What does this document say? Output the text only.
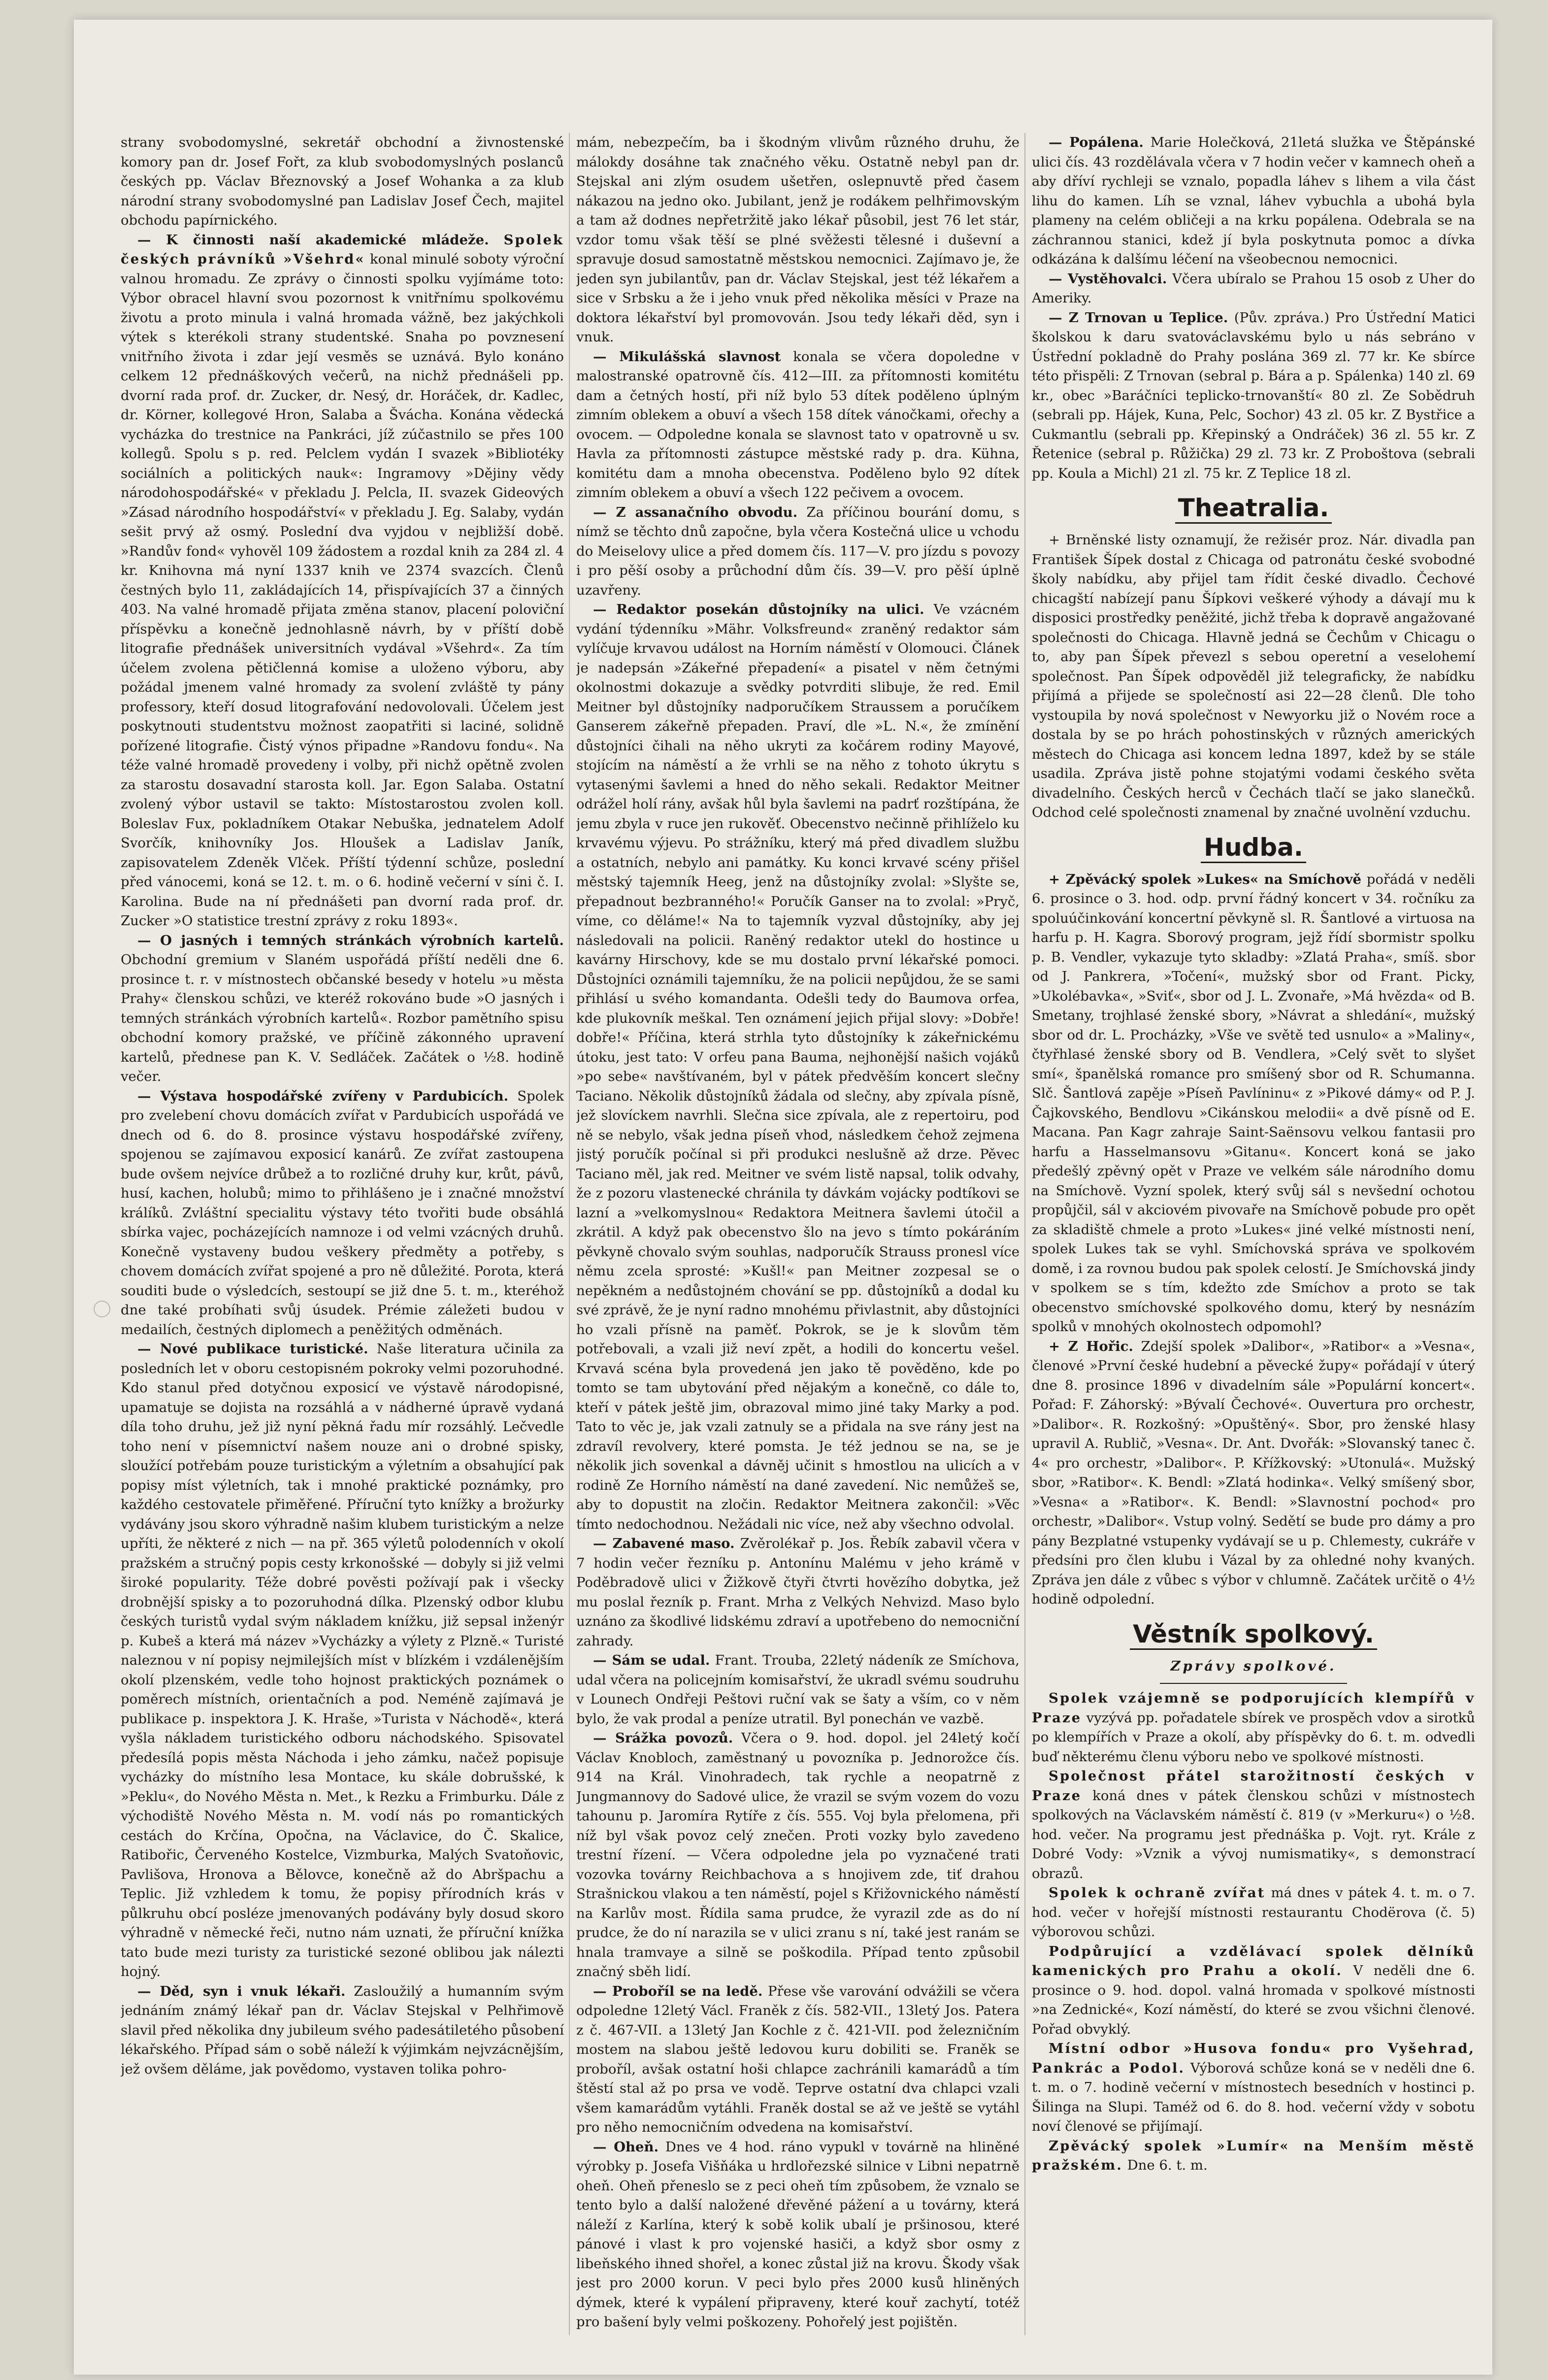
strany svobodomyslné, sekretář obchodní a živnostenské komory pan dr. Josef Fořt, za klub svobodomyslných poslanců českých pp. Václav Březnovský a Josef Wohanka a za klub národní strany svobodomyslné pan Ladislav Josef Čech, majitel obchodu papírnického.

— K činnosti naší akademické mládeže. Spolek českých právníků »Všehrd« konal minulé soboty výroční valnou hromadu. Ze zprávy o činnosti spolku vyjímáme toto: Výbor obracel hlavní svou pozornost k vnitřnímu spolkovému životu a proto minula i valná hromada vážně, bez jakýchkoli výtek s kterékoli strany studentské. Snaha po povznesení vnitřního života i zdar její vesměs se uznává. Bylo konáno celkem 12 přednáškových večerů, na nichž přednášeli pp. dvorní rada prof. dr. Zucker, dr. Nesý, dr. Horáček, dr. Kadlec, dr. Körner, kollegové Hron, Salaba a Švácha. Konána vědecká vycházka do trestnice na Pankráci, jíž zúčastnilo se přes 100 kollegů. Spolu s p. red. Pelclem vydán I svazek »Bibliotéky sociálních a politických nauk«: Ingramovy »Dějiny vědy národohospodářské« v překladu J. Pelcla, II. svazek Gideových »Zásad národního hospodářství« v překladu J. Eg. Salaby, vydán sešit prvý až osmý. Poslední dva vyjdou v nejbližší době. »Randův fond« vyhověl 109 žádostem a rozdal knih za 284 zl. 4 kr. Knihovna má nyní 1337 knih ve 2374 svazcích. Členů čestných bylo 11, zakládajících 14, přispívajících 37 a činných 403. Na valné hromadě přijata změna stanov, placení poloviční příspěvku a konečně jednohlasně návrh, by v příští době litografie přednášek universitních vydával »Všehrd«. Za tím účelem zvolena pětičlenná komise a uloženo výboru, aby požádal jmenem valné hromady za svolení zvláště ty pány professory, kteří dosud litografování nedovolovali. Účelem jest poskytnouti studentstvu možnost zaopatřiti si laciné, solidně pořízené litografie. Čistý výnos připadne »Randovu fondu«. Na téže valné hromadě provedeny i volby, při nichž opětně zvolen za starostu dosavadní starosta koll. Jar. Egon Salaba. Ostatní zvolený výbor ustavil se takto: Místostarostou zvolen koll. Boleslav Fux, pokladníkem Otakar Nebuška, jednatelem Adolf Svorčík, knihovníky Jos. Hloušek a Ladislav Janík, zapisovatelem Zdeněk Vlček. Příští týdenní schůze, poslední před vánocemi, koná se 12. t. m. o 6. hodině večerní v síni č. I. Karolina. Bude na ní přednášeti pan dvorní rada prof. dr. Zucker »O statistice trestní zprávy z roku 1893«.

— O jasných i temných stránkách výrobních kartelů. Obchodní gremium v Slaném uspořádá příští neděli dne 6. prosince t. r. v místnostech občanské besedy v hotelu »u města Prahy« členskou schůzi, ve kteréž rokováno bude »O jasných i temných stránkách výrobních kartelů«. Rozbor pamětního spisu obchodní komory pražské, ve příčině zákonného upravení kartelů, přednese pan K. V. Sedláček. Začátek o ½8. hodině večer.

— Výstava hospodářské zvířeny v Pardubicích. Spolek pro zvelebení chovu domácích zvířat v Pardubicích uspořádá ve dnech od 6. do 8. prosince výstavu hospodářské zvířeny, spojenou se zajímavou exposicí kanárů. Ze zvířat zastoupena bude ovšem nejvíce drůbež a to rozličné druhy kur, krůt, pávů, husí, kachen, holubů; mimo to přihlášeno je i značné množství králíků. Zvláštní specialitu výstavy této tvořiti bude obsáhlá sbírka vajec, pocházejících namnoze i od velmi vzácných druhů. Konečně vystaveny budou veškery předměty a potřeby, s chovem domácích zvířat spojené a pro ně důležité. Porota, která souditi bude o výsledcích, sestoupí se již dne 5. t. m., kteréhož dne také probíhati svůj úsudek. Prémie záležeti budou v medailích, čestných diplomech a peněžitých odměnách.

— Nové publikace turistické. Naše literatura učinila za posledních let v oboru cestopisném pokroky velmi pozoruhodné. Kdo stanul před dotyčnou exposicí ve výstavě národopisné, upamatuje se dojista na rozsáhlá a v nádherné úpravě vydaná díla toho druhu, jež již nyní pěkná řadu mír rozsáhlý. Lečvedle toho není v písemnictví našem nouze ani o drobné spisky, sloužící potřebám pouze turistickým a výletním a obsahující pak popisy míst výletních, tak i mnohé praktické poznámky, pro každého cestovatele přiměřené. Příruční tyto knížky a brožurky vydávány jsou skoro výhradně našim klubem turistickým a nelze upříti, že některé z nich — na př. 365 výletů polodenních v okolí pražském a stručný popis cesty krkonošské — dobyly si již velmi široké popularity. Téže dobré pověsti požívají pak i všecky drobnější spisky a to pozoruhodná dílka. Plzenský odbor klubu českých turistů vydal svým nákladem knížku, již sepsal inženýr p. Kubeš a která má název »Vycházky a výlety z Plzně.« Turisté naleznou v ní popisy nejmilejších míst v blízkém i vzdálenějším okolí plzenském, vedle toho hojnost praktických poznámek o poměrech místních, orientačních a pod. Neméně zajímavá je publikace p. inspektora J. K. Hraše, »Turista v Náchodě«, která vyšla nákladem turistického odboru náchodského. Spisovatel předesílá popis města Náchoda i jeho zámku, načež popisuje vycházky do místního lesa Montace, ku skále dobrušské, k »Peklu«, do Nového Města n. Met., k Rezku a Frimburku. Dále z východiště Nového Města n. M. vodí nás po romantických cestách do Krčína, Opočna, na Václavice, do Č. Skalice, Ratibořic, Červeného Kostelce, Vizmburka, Malých Svatoňovic, Pavlišova, Hronova a Bělovce, konečně až do Abršpachu a Teplic. Již vzhledem k tomu, že popisy přírodních krás v půlkruhu obcí posléze jmenovaných podávány byly dosud skoro výhradně v německé řeči, nutno nám uznati, že příruční knížka tato bude mezi turisty za turistické sezoné oblibou jak nálezti hojný.

— Děd, syn i vnuk lékaři. Zasloužilý a humanním svým jednáním známý lékař pan dr. Václav Stejskal v Pelhřimově slavil před několika dny jubileum svého padesátiletého působení lékařského. Případ sám o sobě náleží k výjimkám nejvzácnějším, jež ovšem děláme, jak povědomo, vystaven tolika pohro-

mám, nebezpečím, ba i škodným vlivům různého druhu, že málokdy dosáhne tak značného věku. Ostatně nebyl pan dr. Stejskal ani zlým osudem ušetřen, oslepnuvtě před časem nákazou na jedno oko. Jubilant, jenž je rodákem pelhřimovským a tam až dodnes nepřetržitě jako lékař působil, jest 76 let stár, vzdor tomu však těší se plné svěžesti tělesné i duševní a spravuje dosud samostatně městskou nemocnici. Zajímavo je, že jeden syn jubilantův, pan dr. Václav Stejskal, jest též lékařem a sice v Srbsku a že i jeho vnuk před několika měsíci v Praze na doktora lékařství byl promovován. Jsou tedy lékaři děd, syn i vnuk.

— Mikulášská slavnost konala se včera dopoledne v malostranské opatrovně čís. 412—III. za přítomnosti komitétu dam a četných hostí, při níž bylo 53 dítek poděleno úplným zimním oblekem a obuví a všech 158 dítek vánočkami, ořechy a ovocem. — Odpoledne konala se slavnost tato v opatrovně u sv. Havla za přítomnosti zástupce městské rady p. dra. Kühna, komitétu dam a mnoha obecenstva. Poděleno bylo 92 dítek zimním oblekem a obuví a všech 122 pečivem a ovocem.

— Z assanačního obvodu. Za příčinou bourání domu, s nímž se těchto dnů započne, byla včera Kostečná ulice u vchodu do Meiselovy ulice a před domem čís. 117—V. pro jízdu s povozy i pro pěší osoby a průchodní dům čís. 39—V. pro pěší úplně uzavřeny.

— Redaktor posekán důstojníky na ulici. Ve vzácném vydání týdenníku »Mähr. Volksfreund« zraněný redaktor sám vylíčuje krvavou událost na Horním náměstí v Olomouci. Článek je nadepsán »Zákeřné přepadení« a pisatel v něm četnými okolnostmi dokazuje a svědky potvrditi slibuje, že red. Emil Meitner byl důstojníky nadporučíkem Straussem a poručíkem Ganserem zákeřně přepaden. Praví, dle »L. N.«, že zmínění důstojníci čihali na něho ukryti za kočárem rodiny Mayové, stojícím na náměstí a že vrhli se na něho z tohoto úkrytu s vytasenými šavlemi a hned do něho sekali. Redaktor Meitner odrážel holí rány, avšak hůl byla šavlemi na padrť rozštípána, že jemu zbyla v ruce jen rukověť. Obecenstvo nečinně přihlíželo ku krvavému výjevu. Po strážníku, který má před divadlem službu a ostatních, nebylo ani památky. Ku konci krvavé scény přišel městský tajemník Heeg, jenž na důstojníky zvolal: »Slyšte se, přepadnout bezbranného!« Poručík Ganser na to zvolal: »Pryč, víme, co děláme!« Na to tajemník vyzval důstojníky, aby jej následovali na policii. Raněný redaktor utekl do hostince u kavárny Hirschovy, kde se mu dostalo první lékařské pomoci. Důstojníci oznámili tajemníku, že na policii nepůjdou, že se sami přihlásí u svého komandanta. Odešli tedy do Baumova orfea, kde plukovník meškal. Ten oznámení jejich přijal slovy: »Dobře! dobře!« Příčina, která strhla tyto důstojníky k zákeřnickému útoku, jest tato: V orfeu pana Bauma, nejhonější našich vojáků »po sebe« navštívaném, byl v pátek předvěším koncert slečny Taciano. Několik důstojníků žádala od slečny, aby zpívala písně, jež slovíckem navrhli. Slečna sice zpívala, ale z repertoiru, pod ně se nebylo, však jedna píseň vhod, následkem čehož zejmena jistý poručík počínal si při produkci neslušně až drze. Pěvec Taciano měl, jak red. Meitner ve svém listě napsal, tolik odvahy, že z pozoru vlastenecké chránila ty dávkám vojácky podtíkovi se lazní a »velkomyslnou« Redaktora Meitnera šavlemi útočil a zkrátil. A když pak obecenstvo šlo na jevo s tímto pokáráním pěvkyně chovalo svým souhlas, nadporučík Strauss pronesl více němu zcela sprosté: »Kušl!« pan Meitner zozpesal se o nepěkném a nedůstojném chování se pp. důstojníků a dodal ku své zprávě, že je nyní radno mnohému přivlastnit, aby důstojníci ho vzali přísně na paměť. Pokrok, se je k slovům těm potřebovali, a vzali již neví zpět, a hodili do koncertu vešel. Krvavá scéna byla provedená jen jako tě pověděno, kde po tomto se tam ubytování před nějakým a konečně, co dále to, kteří v pátek ještě jim, obrazoval mimo jiné taky Marky a pod. Tato to věc je, jak vzali zatnuly se a přidala na sve rány jest na zdravíl revolvery, které pomsta. Je též jednou se na, se je několik jich sovenkal a dávněj učinit s hmostlou na ulicích a v rodině Ze Horního náměstí na dané zavedení. Nic nemůžeš se, aby to dopustit na zločin. Redaktor Meitnera zakončil: »Věc tímto nedochodnou. Nežádali nic více, než aby všechno odvolal.

— Zabavené maso. Zvěrolékař p. Jos. Řebík zabavil včera v 7 hodin večer řezníku p. Antonínu Malému v jeho krámě v Poděbradově ulici v Žižkově čtyři čtvrti hovězího dobytka, jež mu poslal řezník p. Frant. Mrha z Velkých Nehvizd. Maso bylo uznáno za škodlivé lidskému zdraví a upotřebeno do nemocniční zahrady.

— Sám se udal. Frant. Trouba, 22letý nádeník ze Smíchova, udal včera na policejním komisařství, že ukradl svému soudruhu v Lounech Ondřeji Peštovi ruční vak se šaty a vším, co v něm bylo, že vak prodal a peníze utratil. Byl ponechán ve vazbě.

— Srážka povozů. Včera o 9. hod. dopol. jel 24letý kočí Václav Knobloch, zaměstnaný u povozníka p. Jednorožce čís. 914 na Král. Vinohradech, tak rychle a neopatrně z Jungmannovy do Sadové ulice, že vrazil se svým vozem do vozu tahounu p. Jaromíra Rytíře z čís. 555. Voj byla přelomena, při níž byl však povoz celý znečen. Proti vozky bylo zavedeno trestní řízení. — Včera odpoledne jela po vyznačené trati vozovka továrny Reichbachova a s hnojivem zde, tiť drahou Strašnickou vlakou a ten náměstí, pojel s Křižovnického náměstí na Karlův most. Řídila sama prudce, že vyrazil zde as do ní prudce, že do ní narazila se v ulici zranu s ní, také jest ranám se hnala tramvaye a silně se poškodila. Případ tento způsobil značný sběh lidí.

— Proboříl se na ledě. Přese vše varování odvážili se včera odpoledne 12letý Václ. Franěk z čís. 582-VII., 13letý Jos. Patera z č. 467-VII. a 13letý Jan Kochle z č. 421-VII. pod železničním mostem na slabou ještě ledovou kuru dobiliti se. Franěk se proboříl, avšak ostatní hoši chlapce zachránili kamarádů a tím štěstí stal až po prsa ve vodě. Teprve ostatní dva chlapci vzali všem kamarádům vytáhli. Franěk dostal se až ve ještě se vytáhl pro něho nemocničním odvedena na komisařství.

— Oheň. Dnes ve 4 hod. ráno vypukl v továrně na hliněné výrobky p. Josefa Višňáka u hrdlořezské silnice v Libni nepatrně oheň. Oheň přeneslo se z peci oheň tím způsobem, že vznalo se tento bylo a další naložené dřevěné pážení a u továrny, která náleží z Karlína, který k sobě kolik ubalí je pršinosou, které pánové i vlast k pro vojenské hasiči, a když sbor osmy z libeňského ihned shořel, a konec zůstal již na krovu. Škody však jest pro 2000 korun. V peci bylo přes 2000 kusů hliněných dýmek, které k vypálení připraveny, které kouř zachytí, totéž pro bašení byly velmi poškozeny. Pohořelý jest pojištěn.

— Popálena. Marie Holečková, 21letá služka ve Štěpánské ulici čís. 43 rozdělávala včera v 7 hodin večer v kamnech oheň a aby dříví rychleji se vznalo, popadla láhev s lihem a vila část lihu do kamen. Líh se vznal, láhev vybuchla a ubohá byla plameny na celém obličeji a na krku popálena. Odebrala se na záchrannou stanici, kdež jí byla poskytnuta pomoc a dívka odkázána k dalšímu léčení na všeobecnou nemocnici.

— Vystěhovalci. Včera ubíralo se Prahou 15 osob z Uher do Ameriky.

— Z Trnovan u Teplice. (Pův. zpráva.) Pro Ústřední Matici školskou k daru svatováclavskému bylo u nás sebráno v Ústřední pokladně do Prahy poslána 369 zl. 77 kr. Ke sbírce této přispěli: Z Trnovan (sebral p. Bára a p. Spálenka) 140 zl. 69 kr., obec »Baráčníci teplicko-trnovanští« 80 zl. Ze Sobědruh (sebrali pp. Hájek, Kuna, Pelc, Sochor) 43 zl. 05 kr. Z Bystřice a Cukmantlu (sebrali pp. Křepinský a Ondráček) 36 zl. 55 kr. Z Řetenice (sebral p. Růžička) 29 zl. 73 kr. Z Proboštova (sebrali pp. Koula a Michl) 21 zl. 75 kr. Z Teplice 18 zl.

Theatralia.

+ Brněnské listy oznamují, že režisér proz. Nár. divadla pan František Šípek dostal z Chicaga od patronátu české svobodné školy nabídku, aby přijel tam řídit české divadlo. Čechové chicagští nabízejí panu Šípkovi veškeré výhody a dávají mu k disposici prostředky peněžité, jichž třeba k dopravě angažované společnosti do Chicaga. Hlavně jedná se Čechům v Chicagu o to, aby pan Šípek převezl s sebou operetní a veselohemí společnost. Pan Šípek odpověděl již telegraficky, že nabídku přijímá a přijede se společností asi 22—28 členů. Dle toho vystoupila by nová společnost v Newyorku již o Novém roce a dostala by se po hrách pohostinských v různých amerických městech do Chicaga asi koncem ledna 1897, kdež by se stále usadila. Zpráva jistě pohne stojatými vodami českého světa divadelního. Českých herců v Čechách tlačí se jako slanečků. Odchod celé společnosti znamenal by značné uvolnění vzduchu.

Hudba.

+ Zpěvácký spolek »Lukes« na Smíchově pořádá v neděli 6. prosince o 3. hod. odp. první řádný koncert v 34. ročníku za spoluúčinkování koncertní pěvkyně sl. R. Šantlové a virtuosa na harfu p. H. Kagra. Sborový program, jejž řídí sbormistr spolku p. B. Vendler, vykazuje tyto skladby: »Zlatá Praha«, smíš. sbor od J. Pankrera, »Točení«, mužský sbor od Frant. Picky, »Ukolébavka«, »Sviť«, sbor od J. L. Zvonaře, »Má hvězda« od B. Smetany, trojhlasé ženské sbory, »Návrat a shledání«, mužský sbor od dr. L. Procházky, »Vše ve světě ted usnulo« a »Maliny«, čtyřhlasé ženské sbory od B. Vendlera, »Celý svět to slyšet smí«, španělská romance pro smíšený sbor od R. Schumanna. Slč. Šantlová zapěje »Píseň Pavlíninu« z »Pikové dámy« od P. J. Čajkovského, Bendlovu »Cikánskou melodii« a dvě písně od E. Macana. Pan Kagr zahraje Saint-Saënsovu velkou fantasii pro harfu a Hasselmansovu »Gitanu«. Koncert koná se jako předešlý zpěvný opět v Praze ve velkém sále národního domu na Smíchově. Vyzní spolek, který svůj sál s nevšední ochotou propůjčil, sál v akciovém pivovaře na Smíchově pobude pro opět za skladiště chmele a proto »Lukes« jiné velké místnosti není, spolek Lukes tak se vyhl. Smíchovská správa ve spolkovém domě, i za rovnou budou pak spolek celostí. Je Smíchovská jindy v spolkem se s tím, kdežto zde Smíchov a proto se tak obecenstvo smíchovské spolkového domu, který by nesnázím spolků v mnohých okolnostech odpomohl?

+ Z Hořic. Zdejší spolek »Dalibor«, »Ratibor« a »Vesna«, členové »První české hudební a pěvecké župy« pořádají v úterý dne 8. prosince 1896 v divadelním sále »Populární koncert«. Pořad: F. Záhorský: »Bývalí Čechové«. Ouvertura pro orchestr, »Dalibor«. R. Rozkošný: »Opuštěný«. Sbor, pro ženské hlasy upravil A. Rublič, »Vesna«. Dr. Ant. Dvořák: »Slovanský tanec č. 4« pro orchestr, »Dalibor«. P. Křížkovský: »Utonulá«. Mužský sbor, »Ratibor«. K. Bendl: »Zlatá hodinka«. Velký smíšený sbor, »Vesna« a »Ratibor«. K. Bendl: »Slavnostní pochod« pro orchestr, »Dalibor«. Vstup volný. Sedětí se bude pro dámy a pro pány Bezplatné vstupenky vydávají se u p. Chlemesty, cukráře v předsíni pro člen klubu i Vázal by za ohledné nohy kvaných. Zpráva jen dále z vůbec s výbor v chlumně. Začátek určitě o 4½ hodině odpolední.

Věstník spolkový.
Zprávy spolkové.

Spolek vzájemně se podporujících klempířů v Praze vyzývá pp. pořadatele sbírek ve prospěch vdov a sirotků po klempířích v Praze a okolí, aby příspěvky do 6. t. m. odvedli buď některému členu výboru nebo ve spolkové místnosti.

Společnost přátel starožitností českých v Praze koná dnes v pátek členskou schůzi v místnostech spolkových na Václavském náměstí č. 819 (v »Merkuru«) o ½8. hod. večer. Na programu jest přednáška p. Vojt. ryt. Krále z Dobré Vody: »Vznik a vývoj numismatiky«, s demonstrací obrazů.

Spolek k ochraně zvířat má dnes v pátek 4. t. m. o 7. hod. večer v hořejší místnosti restaurantu Chodërova (č. 5) výborovou schůzi.

Podpůrující a vzdělávací spolek dělníků kamenických pro Prahu a okolí. V neděli dne 6. prosince o 9. hod. dopol. valná hromada v spolkové místnosti »na Zednické«, Kozí náměstí, do které se zvou všichni členové. Pořad obvyklý.

Místní odbor »Husova fondu« pro Vyšehrad, Pankrác a Podol. Výborová schůze koná se v neděli dne 6. t. m. o 7. hodině večerní v místnostech besedních v hostinci p. Šilinga na Slupi. Taméž od 6. do 8. hod. večerní vždy v sobotu noví členové se přijímají.

Zpěvácký spolek »Lumír« na Menším městě pražském. Dne 6. t. m.
